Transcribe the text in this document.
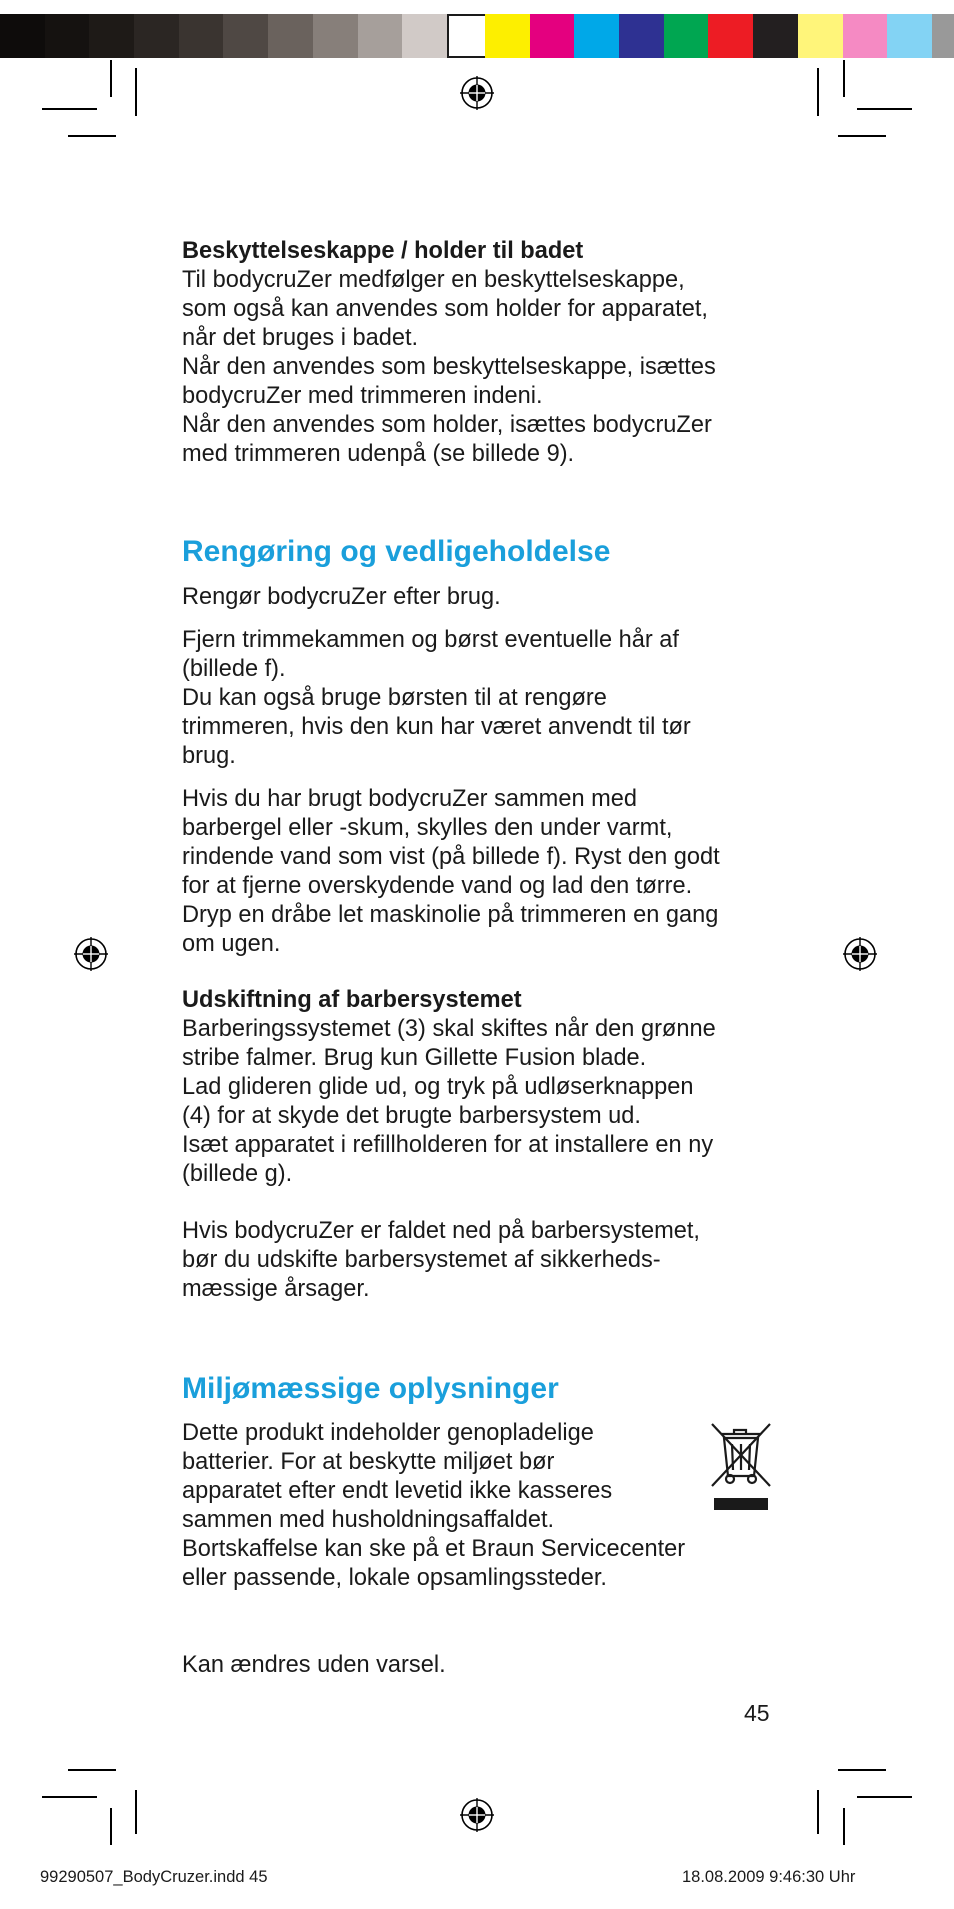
Beskyttelseskappe / holder til badet

Til bodycruZer medfølger en beskyttelseskappe,

som også kan anvendes som holder for apparatet,

når det bruges i badet.

Når den anvendes som beskyttelseskappe, isættes

bodycruZer med trimmeren indeni.

Når den anvendes som holder, isættes bodycruZer

med trimmeren udenpå (se billede 9).

Rengøring og vedligeholdelse

Rengør bodycruZer efter brug.

Fjern trimmekammen og børst eventuelle hår af

(billede f).

Du kan også bruge børsten til at rengøre

trimmeren, hvis den kun har været anvendt til tør

brug.

Hvis du har brugt bodycruZer sammen med

barbergel eller -skum, skylles den under varmt,

rindende vand som vist (på billede f). Ryst den godt

for at fjerne overskydende vand og lad den tørre.

Dryp en dråbe let maskinolie på trimmeren en gang

om ugen.

Udskiftning af barbersystemet

Barberingssystemet (3) skal skiftes når den grønne

stribe falmer. Brug kun Gillette Fusion blade.

Lad glideren glide ud, og tryk på udløserknappen

(4) for at skyde det brugte barbersystem ud.

Isæt apparatet i refillholderen for at installere en ny

(billede g).

Hvis bodycruZer er faldet ned på barbersystemet,

bør du udskifte barbersystemet af sikkerheds-

mæssige årsager.

Miljømæssige oplysninger

Dette produkt indeholder genopladelige

batterier. For at beskytte miljøet bør

apparatet efter endt levetid ikke kasseres

sammen med husholdningsaffaldet.

Bortskaffelse kan ske på et Braun Servicecenter

eller passende, lokale opsamlingssteder.

Kan ændres uden varsel.

45
99290507_BodyCruzer.indd 45	18.08.2009 9:46:30 Uhr
